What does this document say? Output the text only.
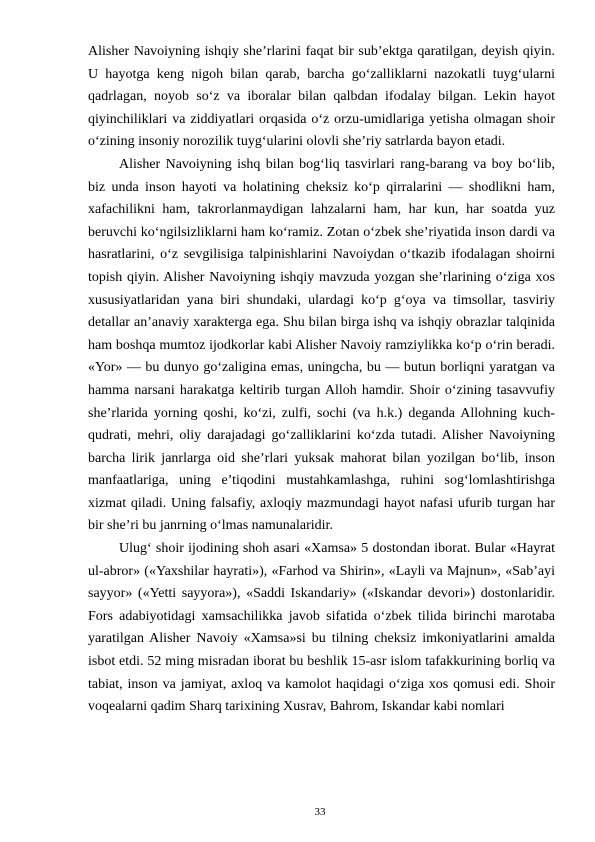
Alisher Navoiyning ishqiy she’rlarini faqat bir sub’ektga qaratilgan, deyish qiyin. U hayotga keng nigoh bilan qarab, barcha go‘zalliklarni nazokatli tuyg‘ularni qadrlagan, noyob so‘z va iboralar bilan qalbdan ifodalay bilgan. Lekin hayot qiyinchiliklari va ziddiyatlari orqasida o‘z orzu-umidlariga yetisha olmagan shoir o‘zining insoniy norozilik tuyg‘ularini olovli she’riy satrlarda bayon etadi.

Alisher Navoiyning ishq bilan bog‘liq tasvirlari rang-barang va boy bo‘lib, biz unda inson hayoti va holatining cheksiz ko‘p qirralarini — shodlikni ham, xafachilikni ham, takrorlanmaydigan lahzalarni ham, har kun, har soatda yuz beruvchi ko‘ngilsizliklarni ham ko‘ramiz. Zotan o‘zbek she’riyatida inson dardi va hasratlarini, o‘z sevgilisiga talpinishlarini Navoiydan o‘tkazib ifodalagan shoirni topish qiyin. Alisher Navoiyning ishqiy mavzuda yozgan she’rlarining o‘ziga xos xususiyatlaridan yana biri shundaki, ulardagi ko‘p g‘oya va timsollar, tasviriy detallar an’anaviy xarakterga ega. Shu bilan birga ishq va ishqiy obrazlar talqinida ham boshqa mumtoz ijodkorlar kabi Alisher Navoiy ramziylikka ko‘p o‘rin beradi. «Yor» — bu dunyo go‘zaligina emas, uningcha, bu — butun borliqni yaratgan va hamma narsani harakatga keltirib turgan Alloh hamdir. Shoir o‘zining tasavvufiy she’rlarida yorning qoshi, ko‘zi, zulfi, sochi (va h.k.) deganda Allohning kuch-qudrati, mehri, oliy darajadagi go‘zalliklarini ko‘zda tutadi. Alisher Navoiyning barcha lirik janrlarga oid she’rlari yuksak mahorat bilan yozilgan bo‘lib, inson manfaatlariga, uning e’tiqodini mustahkamlashga, ruhini sog‘lomlashtirishga xizmat qiladi. Uning falsafiy, axloqiy mazmundagi hayot nafasi ufurib turgan har bir she’ri bu janrning o‘lmas namunalaridir.

Ulug‘ shoir ijodining shoh asari «Xamsa» 5 dostondan iborat. Bular «Hayrat ul-abror» («Yaxshilar hayrati»), «Farhod va Shirin», «Layli va Majnun», «Sab’ayi sayyor» («Yetti sayyora»), «Saddi Iskandariy» («Iskandar devori») dostonlaridir. Fors adabiyotidagi xamsachilikka javob sifatida o‘zbek tilida birinchi marotaba yaratilgan Alisher Navoiy «Xamsa»si bu tilning cheksiz imkoniyatlarini amalda isbot etdi. 52 ming misradan iborat bu beshlik 15-asr islom tafakkurining borliq va tabiat, inson va jamiyat, axloq va kamolot haqidagi o‘ziga xos qomusi edi. Shoir voqealarni qadim Sharq tarixining Xusrav, Bahrom, Iskandar kabi nomlari

33
